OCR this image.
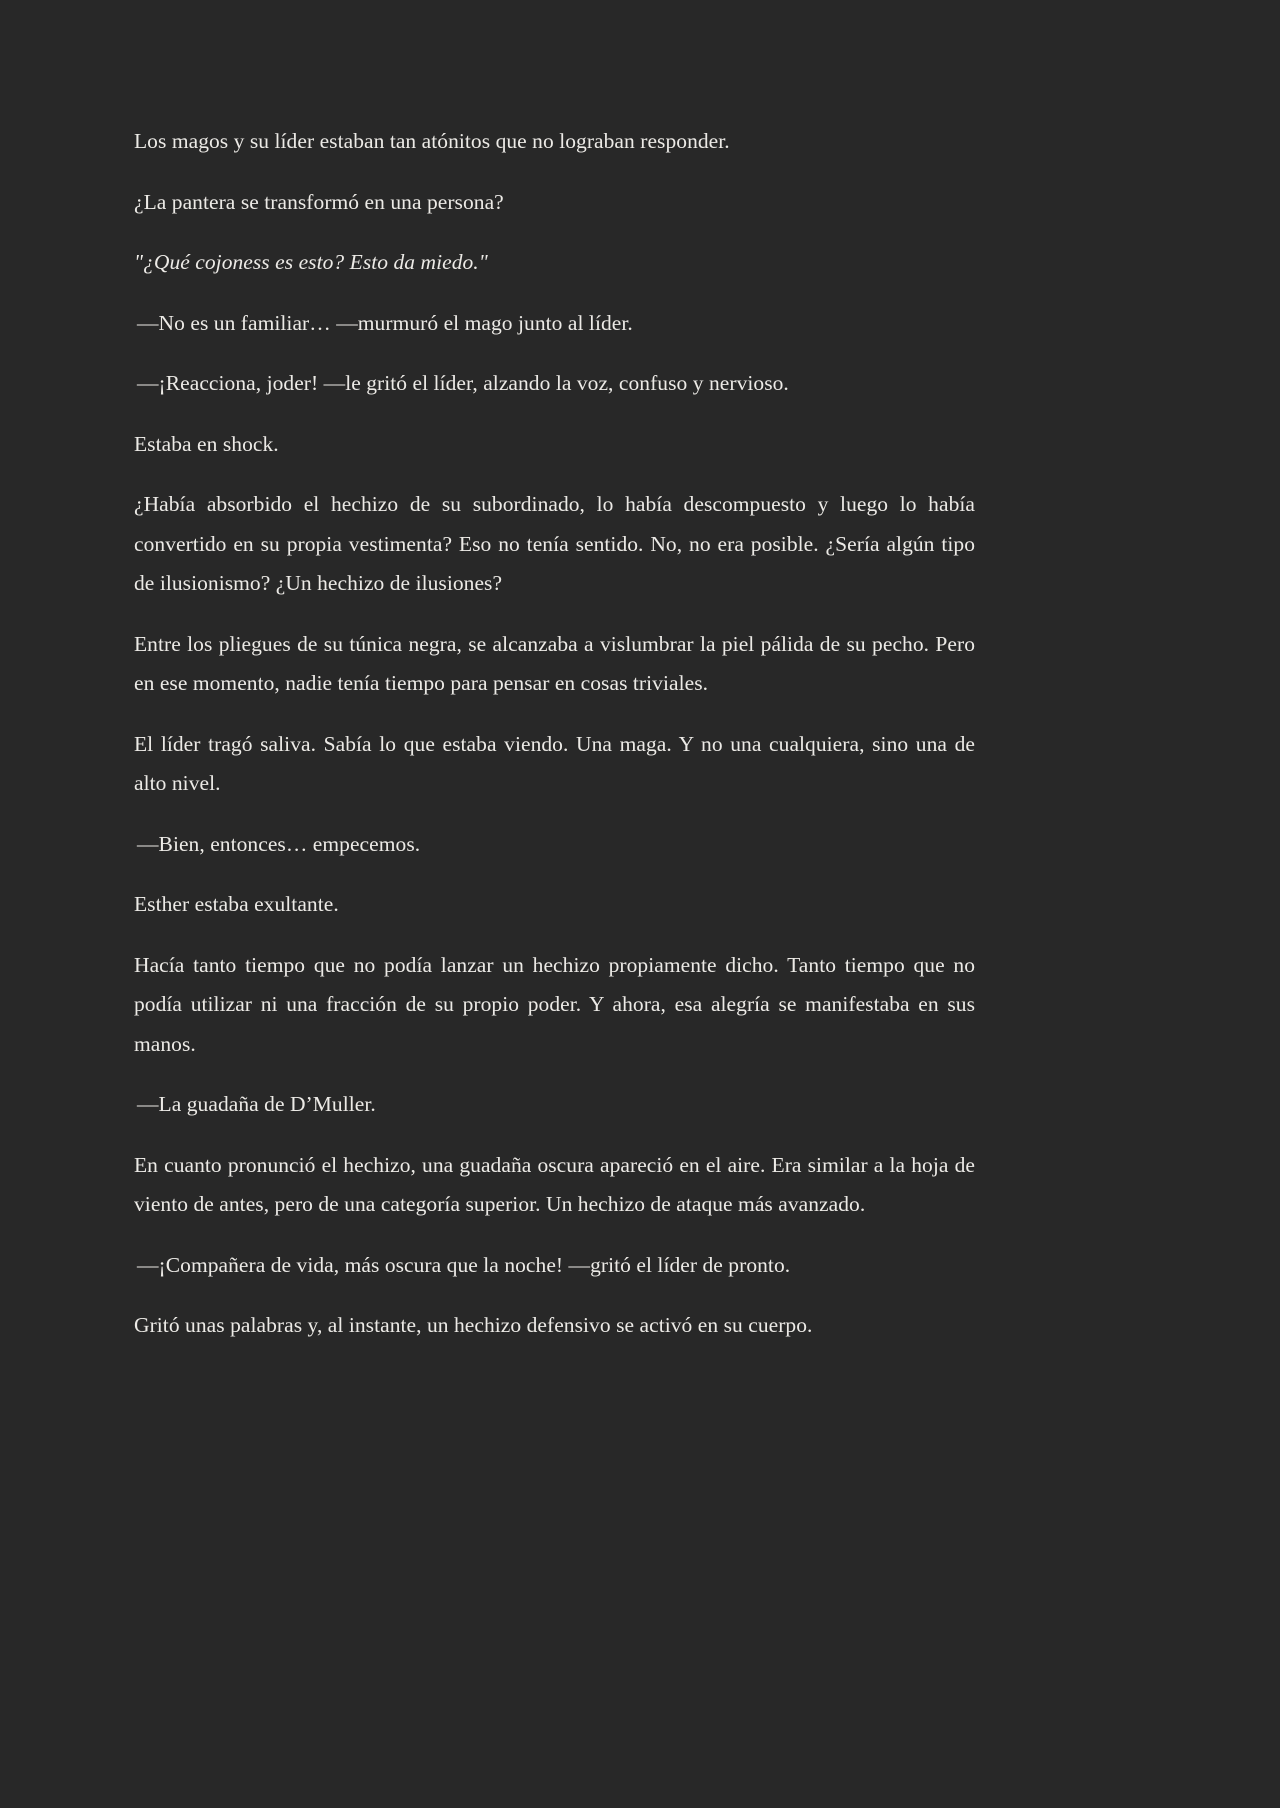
Los magos y su líder estaban tan atónitos que no lograban responder.

¿La pantera se transformó en una persona?

"¿Qué cojoness es esto? Esto da miedo."

—No es un familiar… —murmuró el mago junto al líder.

—¡Reacciona, joder! —le gritó el líder, alzando la voz, confuso y nervioso.

Estaba en shock.

¿Había absorbido el hechizo de su subordinado, lo había descompuesto y luego lo había convertido en su propia vestimenta? Eso no tenía sentido. No, no era posible. ¿Sería algún tipo de ilusionismo? ¿Un hechizo de ilusiones?

Entre los pliegues de su túnica negra, se alcanzaba a vislumbrar la piel pálida de su pecho. Pero en ese momento, nadie tenía tiempo para pensar en cosas triviales.

El líder tragó saliva. Sabía lo que estaba viendo. Una maga. Y no una cualquiera, sino una de alto nivel.

—Bien, entonces… empecemos.

Esther estaba exultante.

Hacía tanto tiempo que no podía lanzar un hechizo propiamente dicho. Tanto tiempo que no podía utilizar ni una fracción de su propio poder. Y ahora, esa alegría se manifestaba en sus manos.

—La guadaña de D’Muller.

En cuanto pronunció el hechizo, una guadaña oscura apareció en el aire. Era similar a la hoja de viento de antes, pero de una categoría superior. Un hechizo de ataque más avanzado.

—¡Compañera de vida, más oscura que la noche! —gritó el líder de pronto.

Gritó unas palabras y, al instante, un hechizo defensivo se activó en su cuerpo.
